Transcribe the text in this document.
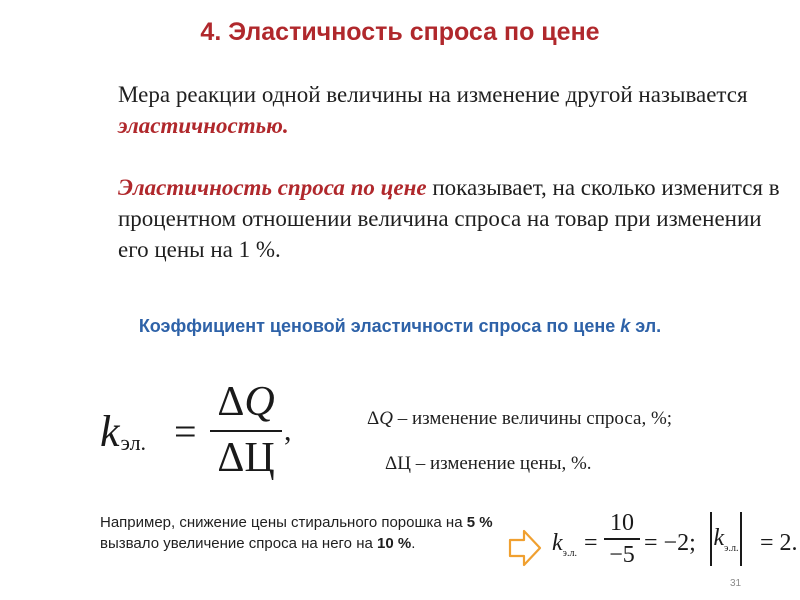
4. Эластичность спроса по цене
Мера реакции одной величины на изменение другой называется эластичностью.
Эластичность спроса по цене показывает, на сколько изменится в процентном отношении величина спроса на товар при изменении его цены на 1 %.
Коэффициент ценовой эластичности спроса по цене k эл.
kэл. =
ΔQ
ΔЦ
,	ΔQ – изменение величины спроса, %;
ΔЦ – изменение цены, %.
Например, снижение цены стирального порошка на 5 % вызвало увеличение спроса на него на 10 %.	$k_{э.л.}$ =
10
−5 = −2; $k_{э.л.} = 2$.
31
